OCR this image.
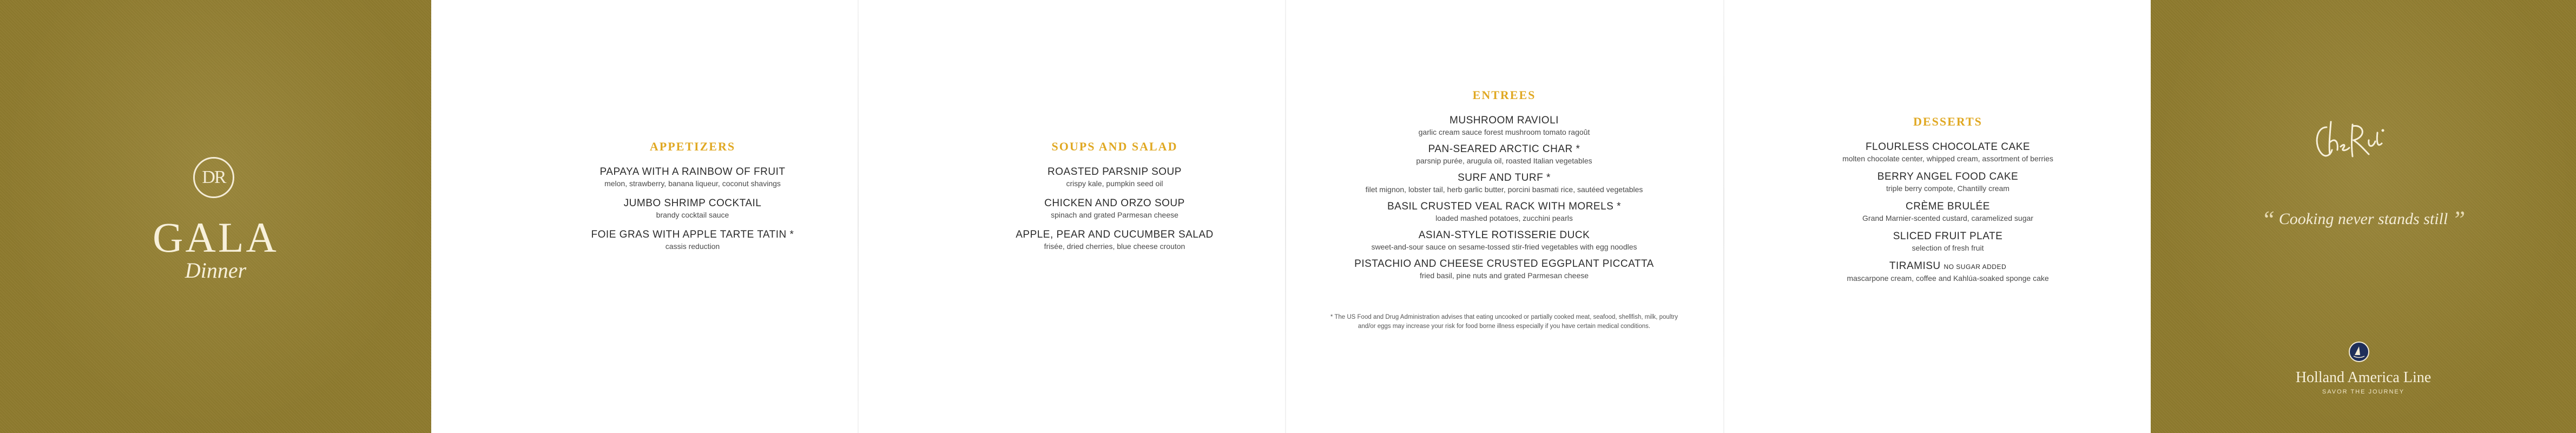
DR
GALA
Dinner
APPETIZERS
PAPAYA WITH A RAINBOW OF FRUIT
melon, strawberry, banana liqueur, coconut shavings
JUMBO SHRIMP COCKTAIL
brandy cocktail sauce
FOIE GRAS WITH APPLE TARTE TATIN *
cassis reduction
SOUPS AND SALAD
ROASTED PARSNIP SOUP
crispy kale, pumpkin seed oil
CHICKEN AND ORZO SOUP
spinach and grated Parmesan cheese
APPLE, PEAR AND CUCUMBER SALAD
frisée, dried cherries, blue cheese crouton
ENTREES
MUSHROOM RAVIOLI
garlic cream sauce forest mushroom tomato ragoût
PAN-SEARED ARCTIC CHAR *
parsnip purée, arugula oil, roasted Italian vegetables
SURF AND TURF *
filet mignon, lobster tail, herb garlic butter, porcini basmati rice, sautéed vegetables
BASIL CRUSTED VEAL RACK WITH MORELS *
loaded mashed potatoes, zucchini pearls
ASIAN-STYLE ROTISSERIE DUCK
sweet-and-sour sauce on sesame-tossed stir-fried vegetables with egg noodles
PISTACHIO AND CHEESE CRUSTED EGGPLANT PICCATTA
fried basil, pine nuts and grated Parmesan cheese
* The US Food and Drug Administration advises that eating uncooked or partially cooked meat, seafood, shellfish, milk, poultry
and/or eggs may increase your risk for food borne illness especially if you have certain medical conditions.
DESSERTS
FLOURLESS CHOCOLATE CAKE
molten chocolate center, whipped cream, assortment of berries
BERRY ANGEL FOOD CAKE
triple berry compote, Chantilly cream
CRÈME BRULÉE
Grand Marnier-scented custard, caramelized sugar
SLICED FRUIT PLATE
selection of fresh fruit
TIRAMISU NO SUGAR ADDED
mascarpone cream, coffee and Kahlúa-soaked sponge cake
“ Cooking never stands still ”
Holland America Line
SAVOR THE JOURNEY
